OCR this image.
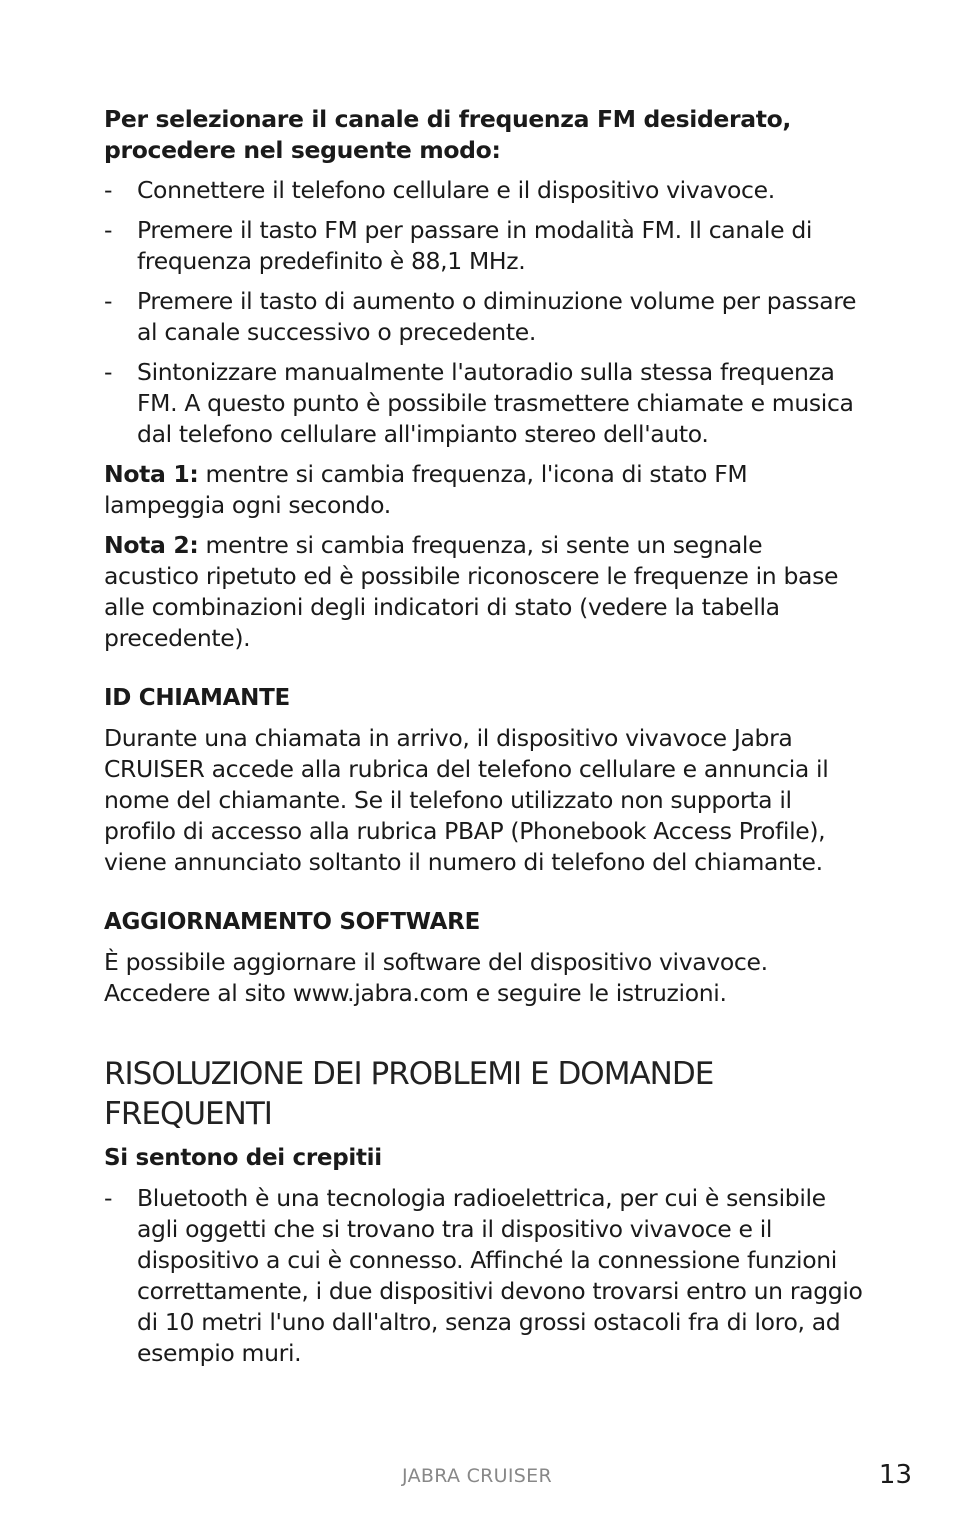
Per selezionare il canale di frequenza FM desiderato, procedere nel seguente modo:

- Connettere il telefono cellulare e il dispositivo vivavoce.
- Premere il tasto FM per passare in modalità FM. Il canale di frequenza predefinito è 88,1 MHz.
- Premere il tasto di aumento o diminuzione volume per passare al canale successivo o precedente.
- Sintonizzare manualmente l'autoradio sulla stessa frequenza FM. A questo punto è possibile trasmettere chiamate e musica dal telefono cellulare all'impianto stereo dell'auto.

Nota 1: mentre si cambia frequenza, l'icona di stato FM lampeggia ogni secondo.

Nota 2: mentre si cambia frequenza, si sente un segnale acustico ripetuto ed è possibile riconoscere le frequenze in base alle combinazioni degli indicatori di stato (vedere la tabella precedente).

ID CHIAMANTE

Durante una chiamata in arrivo, il dispositivo vivavoce Jabra CRUISER accede alla rubrica del telefono cellulare e annuncia il nome del chiamante. Se il telefono utilizzato non supporta il profilo di accesso alla rubrica PBAP (Phonebook Access Profile), viene annunciato soltanto il numero di telefono del chiamante.

AGGIORNAMENTO SOFTWARE

È possibile aggiornare il software del dispositivo vivavoce.

Accedere al sito www.jabra.com e seguire le istruzioni.

RISOLUZIONE DEI PROBLEMI E DOMANDE FREQUENTI
Si sentono dei crepitii
- Bluetooth è una tecnologia radioelettrica, per cui è sensibile agli oggetti che si trovano tra il dispositivo vivavoce e il dispositivo a cui è connesso. Affinché la connessione funzioni correttamente, i due dispositivi devono trovarsi entro un raggio di 10 metri l'uno dall'altro, senza grossi ostacoli fra di loro, ad esempio muri.
JABRA CRUISER	13
